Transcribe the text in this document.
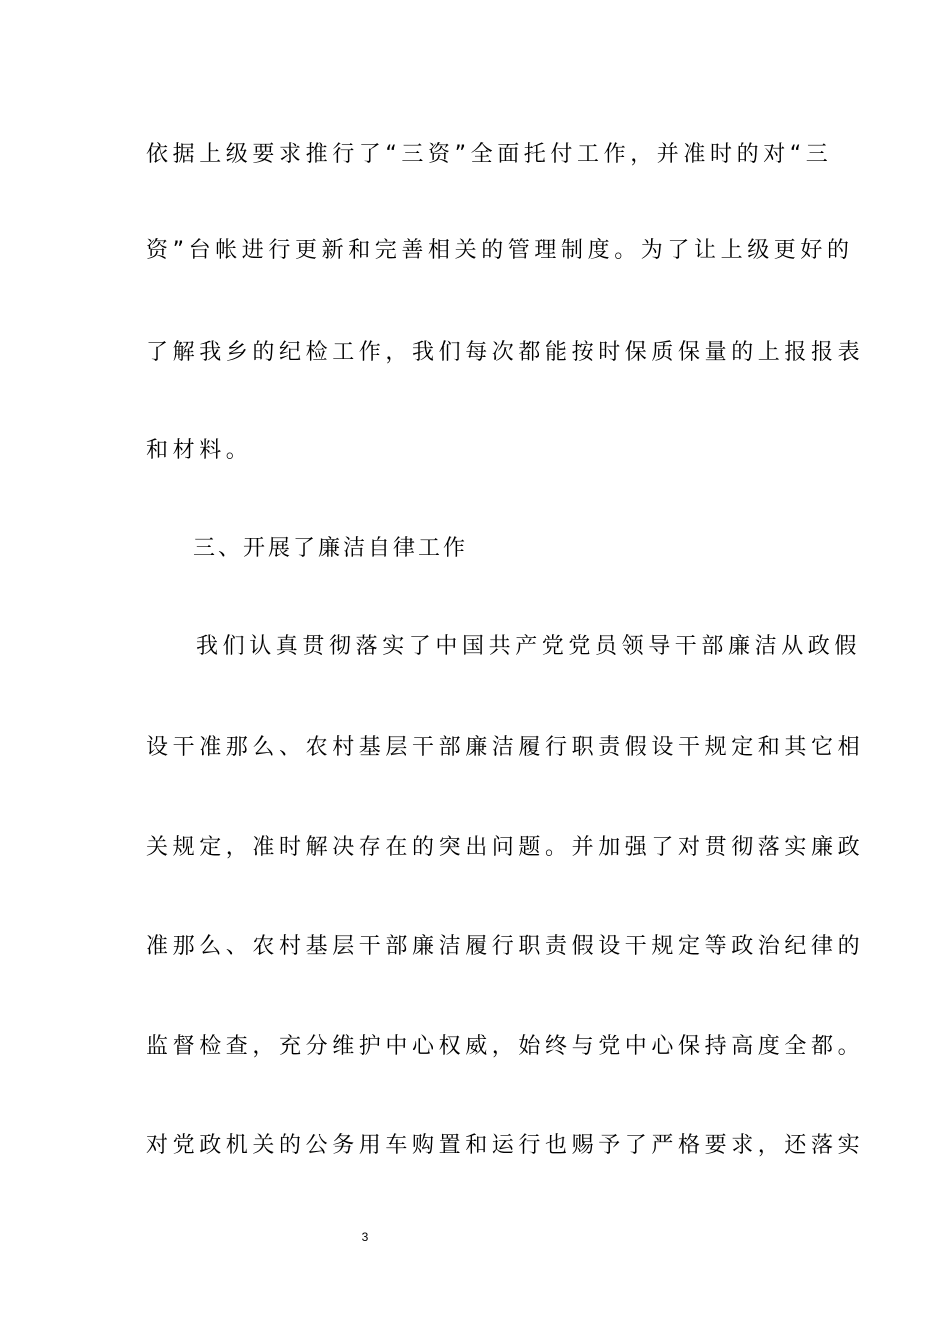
依据上级要求推行了“三资”全面托付工作，并准时的对“三
资”台帐进行更新和完善相关的管理制度。为了让上级更好的
了解我乡的纪检工作，我们每次都能按时保质保量的上报报表
和材料。
三、开展了廉洁自律工作
我们认真贯彻落实了中国共产党党员领导干部廉洁从政假
设干准那么、农村基层干部廉洁履行职责假设干规定和其它相
关规定，准时解决存在的突出问题。并加强了对贯彻落实廉政
准那么、农村基层干部廉洁履行职责假设干规定等政治纪律的
监督检查，充分维护中心权威，始终与党中心保持高度全都。
对党政机关的公务用车购置和运行也赐予了严格要求，还落实
3
